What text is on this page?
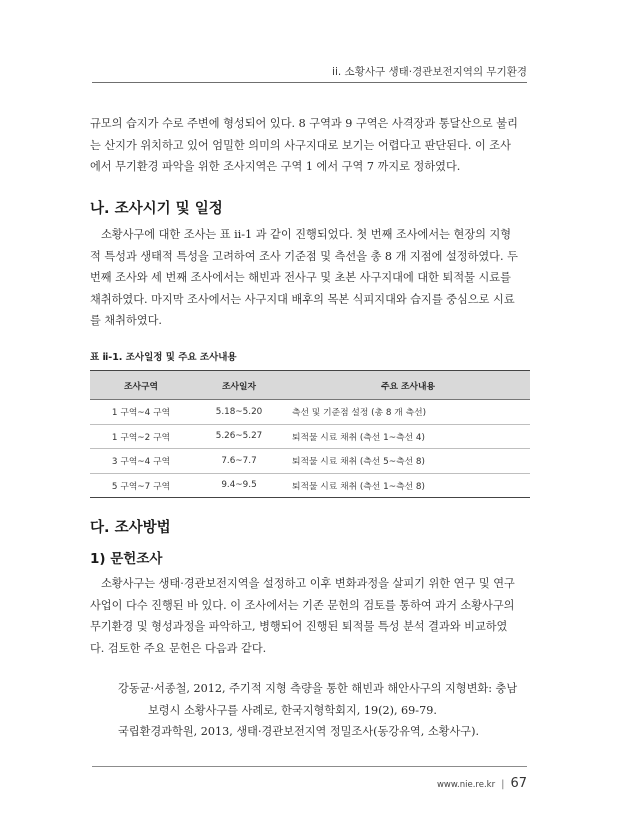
ii. 소황사구 생태·경관보전지역의 무기환경
규모의 습지가 수로 주변에 형성되어 있다. 8 구역과 9 구역은 사격장과 통달산으로 불리
는 산지가 위치하고 있어 엄밀한 의미의 사구지대로 보기는 어렵다고 판단된다. 이 조사
에서 무기환경 파악을 위한 조사지역은 구역 1 에서 구역 7 까지로 정하였다.
나. 조사시기 및 일정
소황사구에 대한 조사는 표 ⅱ-1 과 같이 진행되었다. 첫 번째 조사에서는 현장의 지형
적 특성과 생태적 특성을 고려하여 조사 기준점 및 측선을 총 8 개 지점에 설정하였다. 두
번째 조사와 세 번째 조사에서는 해빈과 전사구 및 초본 사구지대에 대한 퇴적물 시료를
채취하였다. 마지막 조사에서는 사구지대 배후의 목본 식피지대와 습지를 중심으로 시료
를 채취하였다.
표 ⅱ-1. 조사일정 및 주요 조사내용
조사구역	조사일자	주요 조사내용
1 구역~4 구역	5.18~5.20	측선 및 기준점 설정 (총 8 개 측선)
1 구역~2 구역	5.26~5.27	퇴적물 시료 채취 (측선 1~측선 4)
3 구역~4 구역	7.6~7.7	퇴적물 시료 채취 (측선 5~측선 8)
5 구역~7 구역	9.4~9.5	퇴적물 시료 채취 (측선 1~측선 8)
다. 조사방법
1) 문헌조사
소황사구는 생태·경관보전지역을 설정하고 이후 변화과정을 살피기 위한 연구 및 연구
사업이 다수 진행된 바 있다. 이 조사에서는 기존 문헌의 검토를 통하여 과거 소황사구의
무기환경 및 형성과정을 파악하고, 병행되어 진행된 퇴적물 특성 분석 결과와 비교하였
다. 검토한 주요 문헌은 다음과 같다.
강동균·서종철, 2012, 주기적 지형 측량을 통한 해빈과 해안사구의 지형변화: 충남
보령시 소황사구를 사례로, 한국지형학회지, 19(2), 69-79.
국립환경과학원, 2013, 생태·경관보전지역 정밀조사(동강유역, 소황사구).
www.nie.re.kr | 67
